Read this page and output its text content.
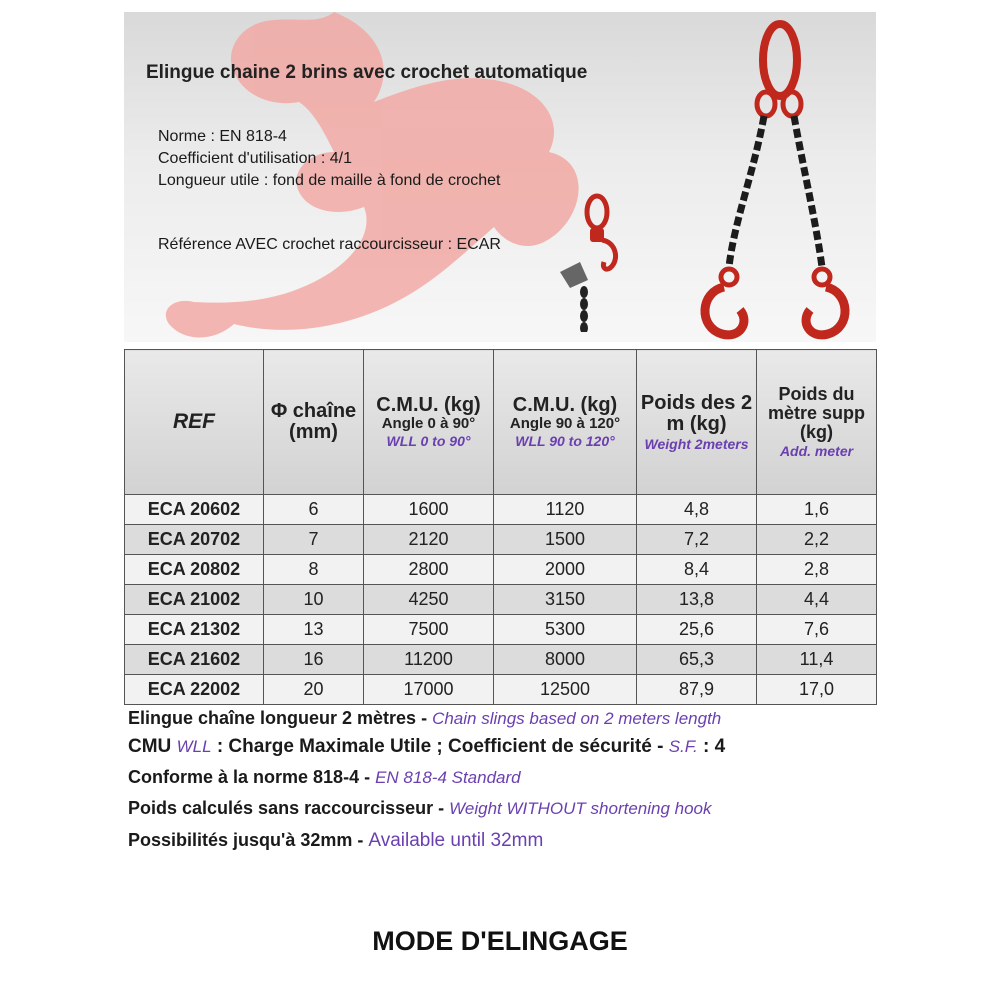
Elingue chaine 2 brins avec crochet automatique
Norme : EN 818-4
Coefficient d'utilisation : 4/1
Longueur utile : fond de maille à fond de crochet
Référence AVEC crochet raccourcisseur : ECAR
REF	Φ chaîne (mm)	C.M.U. (kg)
Angle 0 à 90°
WLL 0 to 90°	C.M.U. (kg)
Angle 90 à 120°
WLL 90 to 120°	Poids des 2 m (kg)
Weight 2meters	Poids du mètre supp (kg)
Add. meter

ECA 20602	6	1600	1120	4,8	1,6
ECA 20702	7	2120	1500	7,2	2,2
ECA 20802	8	2800	2000	8,4	2,8
ECA 21002	10	4250	3150	13,8	4,4
ECA 21302	13	7500	5300	25,6	7,6
ECA 21602	16	11200	8000	65,3	11,4
ECA 22002	20	17000	12500	87,9	17,0
Elingue chaîne longueur 2 mètres - Chain slings based on 2 meters length
CMU WLL : Charge Maximale Utile ; Coefficient de sécurité - S.F. : 4
Conforme à la norme 818-4 - EN 818-4 Standard
Poids calculés sans raccourcisseur - Weight WITHOUT shortening hook
Possibilités jusqu'à 32mm - Available until 32mm
MODE D'ELINGAGE
